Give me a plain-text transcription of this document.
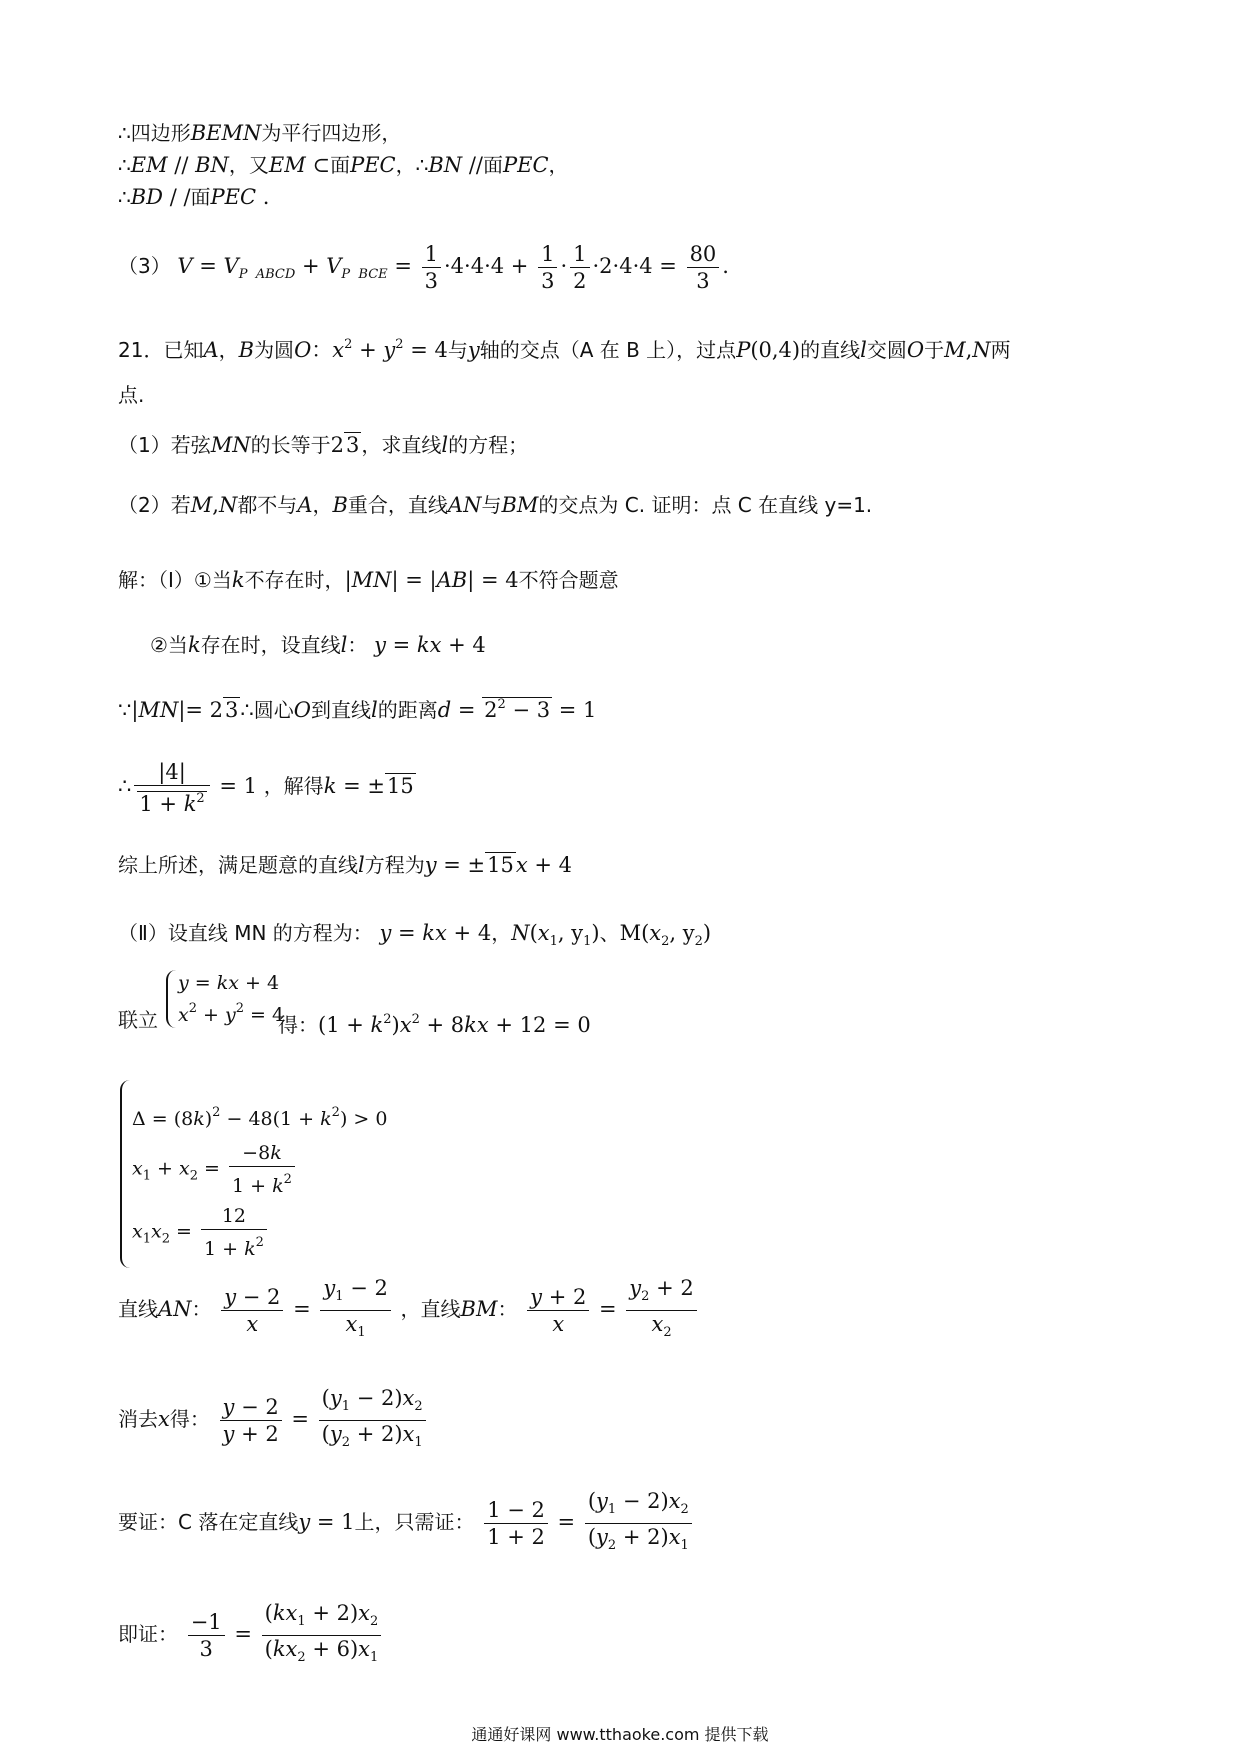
∴四边形BEMN为平行四边形，
∴EM // BN，又EM ⊂面PEC，∴BN //面PEC，
∴BD / /面PEC .
（3） $V = V_{P ABCD} + V_{P BCE} = \frac{1}{3} \cdot 4\cdot 4\cdot 4 + \frac{1}{3} \cdot \frac{1}{2} \cdot 2\cdot 4\cdot 4 = \frac{80}{3}$ .
21．已知A，B为圆O：$x^2 + y^2 = 4$与y轴的交点（A 在 B 上），过点P(0,4)的直线l交圆O于M,N两
点.
（1）若弦MN的长等于23 ，求直线l的方程；
（2）若M,N都不与A，B重合，直线AN与BM的交点为 C. 证明：点 C 在直线 y=1.
解：（Ⅰ）①当k不存在时，|MN| = |AB| = 4不符合题意
②当k存在时，设直线l： y = kx + 4
∵|MN|= 23∴圆心O到直线l的距离$d = 2^2 - 3 = 1$
∴ $\frac{|4|}{1 + k^2} = 1$ ，解得k = ±15
综上所述，满足题意的直线l方程为y = ±15x + 4
（Ⅱ）设直线 MN 的方程为： y = kx + 4，$N(x_1$, $y_1$)、$M(x_2$, $y_2$)
联立
y = kx + 4
$x^2 + y^2 = 4$
得：$(1 + k^2)x^2 + 8kx + 12 = 0$
$\Delta = (8k)^2 - 48(1 + k^2) > 0$
$x_1 + x_2 = \frac{-8k}{1 + k^2}$
$x_1x_2 = \frac{12}{1 + k^2}$
直线AN： $\frac{y - 2}{x} = \frac{y_1 - 2}{x_1}$ ，直线BM： $\frac{y + 2}{x} = \frac{y_2 + 2}{x_2}$
消去x得： $\frac{y - 2}{y + 2} = \frac{(y_1 - 2)x_2}{(y_2 + 2)x_1}$
要证：C 落在定直线y = 1上，只需证： $\frac{1 - 2}{1 + 2} = \frac{(y_1 - 2)x_2}{(y_2 + 2)x_1}$
即证： $\frac{-1}{3} = \frac{(kx_1 + 2)x_2}{(kx_2 + 6)x_1}$
通通好课网 www.tthaoke.com 提供下载
